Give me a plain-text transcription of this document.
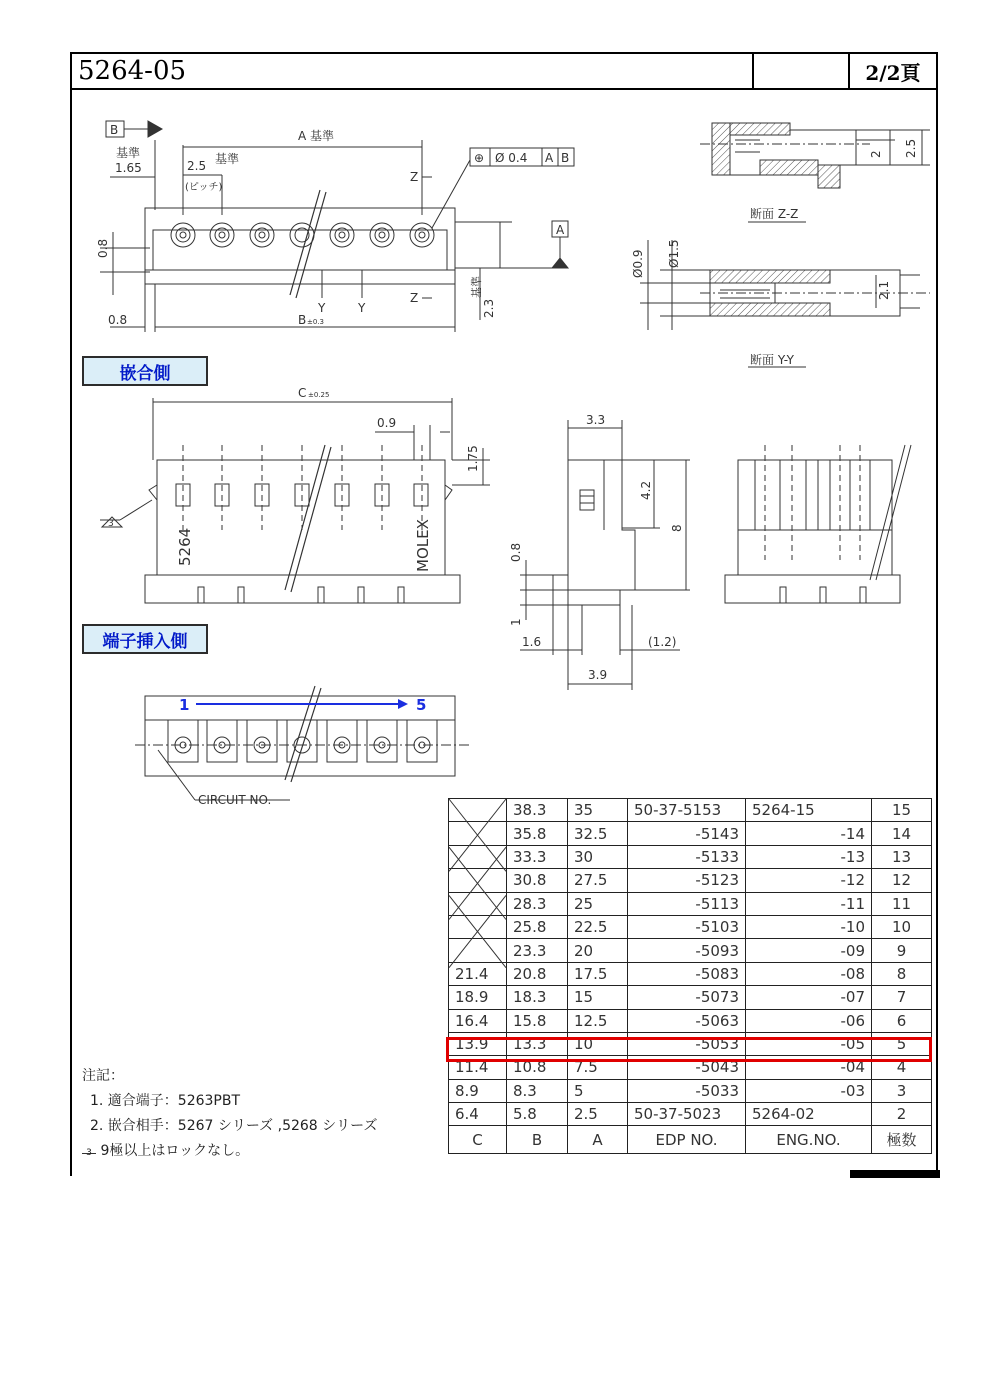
5264-05	2/2頁
B
A
A 基準
基準
1.65	2.5 基準
(ピッチ)
⊕ Ø 0.4 A B
Z
Z
Y	Y
0.8	B ±0.3
0.8
2.3
基準
2 2.5
断面 Z-Z
Ø0.9 Ø1.5
2.1
断面 Y-Y
嵌合側
端子挿入側
C ±0.25
0.9
1.75
5264	MOLEX
3
3.3
4.2
8
0.8
1
1.6	(1.2)
3.9
1	5
CIRCUIT NO.
	38.3	35	50-37-5153	5264-15	15
	35.8	32.5	-5143	-14	14
	33.3	30	-5133	-13	13
	30.8	27.5	-5123	-12	12
	28.3	25	-5113	-11	11
	25.8	22.5	-5103	-10	10
	23.3	20	-5093	-09	9
21.4	20.8	17.5	-5083	-08	8
18.9	18.3	15	-5073	-07	7
16.4	15.8	12.5	-5063	-06	6
13.9	13.3	10	-5053	-05	5
11.4	10.8	7.5	-5043	-04	4
8.9	8.3	5	-5033	-03	3
6.4	5.8	2.5	50-37-5023	5264-02	2
C	B	A	EDP NO.	ENG.NO.	極数
注記：
1. 適合端子：5263PBT
2. 嵌合相手：5267 シリーズ ,5268 シリーズ
3 9極以上はロックなし。
